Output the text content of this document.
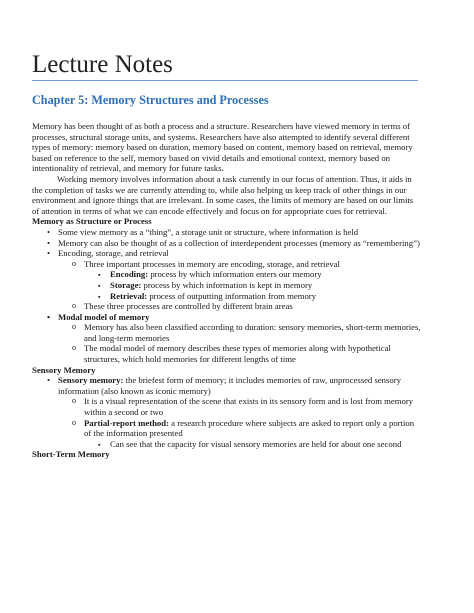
Lecture Notes
Chapter 5: Memory Structures and Processes

Memory has been thought of as both a process and a structure. Researchers have viewed memory in terms of processes, structural storage units, and systems. Researchers have also attempted to identify several different types of memory: memory based on duration, memory based on content, memory based on retrieval, memory based on reference to the self, memory based on vivid details and emotional context, memory based on intentionality of retrieval, and memory for future tasks.

Working memory involves information about a task currently in our focus of attention. Thus, it aids in the completion of tasks we are currently attending to, while also helping us keep track of other things in our environment and ignore things that are irrelevant. In some cases, the limits of memory are based on our limits of attention in terms of what we can encode effectively and focus on for appropriate cues for retrieval.

Memory as Structure or Process

• Some view memory as a “thing”, a storage unit or structure, where information is held
• Memory can also be thought of as a collection of interdependent processes (memory as “remembering”)
• Encoding, storage, and retrieval
o Three important processes in memory are encoding, storage, and retrieval
▪ Encoding: process by which information enters our memory
▪ Storage: process by which information is kept in memory
▪ Retrieval: process of outputting information from memory
o These three processes are controlled by different brain areas
• Modal model of memory
o Memory has also been classified according to duration: sensory memories, short-term memories, and long-term memories
o The modal model of memory describes these types of memories along with hypothetical structures, which hold memories for different lengths of time

Sensory Memory

• Sensory memory: the briefest form of memory; it includes memories of raw, unprocessed sensory information (also known as iconic memory)
o It is a visual representation of the scene that exists in its sensory form and is lost from memory within a second or two
o Partial-report method: a research procedure where subjects are asked to report only a portion of the information presented
▪ Can see that the capacity for visual sensory memories are held for about one second

Short-Term Memory
